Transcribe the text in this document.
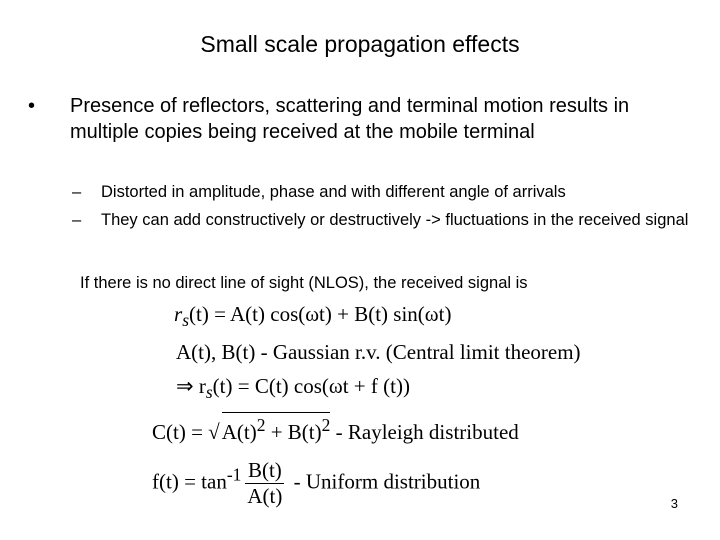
Small scale propagation effects
• Presence of reflectors, scattering and terminal motion results in multiple copies being received at the mobile terminal
– Distorted in amplitude, phase and with different angle of arrivals
– They can add constructively or destructively -> fluctuations in the received signal
If there is no direct line of sight (NLOS), the received signal is
$r_s(t) = A(t) \cos(\omega t) + B(t)$ sin(ωt)
A(t), B(t) - Gaussian r.v. (Central limit theorem)
⇒ $r_s(t) = C(t) \cos(\omega t + f$ (t))
$C(t) = √A(t)^2 + B(t)^2$ - Rayleigh distributed
$f(t) = \tan^{-1} \frac{B(t)}{A(t)}$ - Uniform distribution
3
